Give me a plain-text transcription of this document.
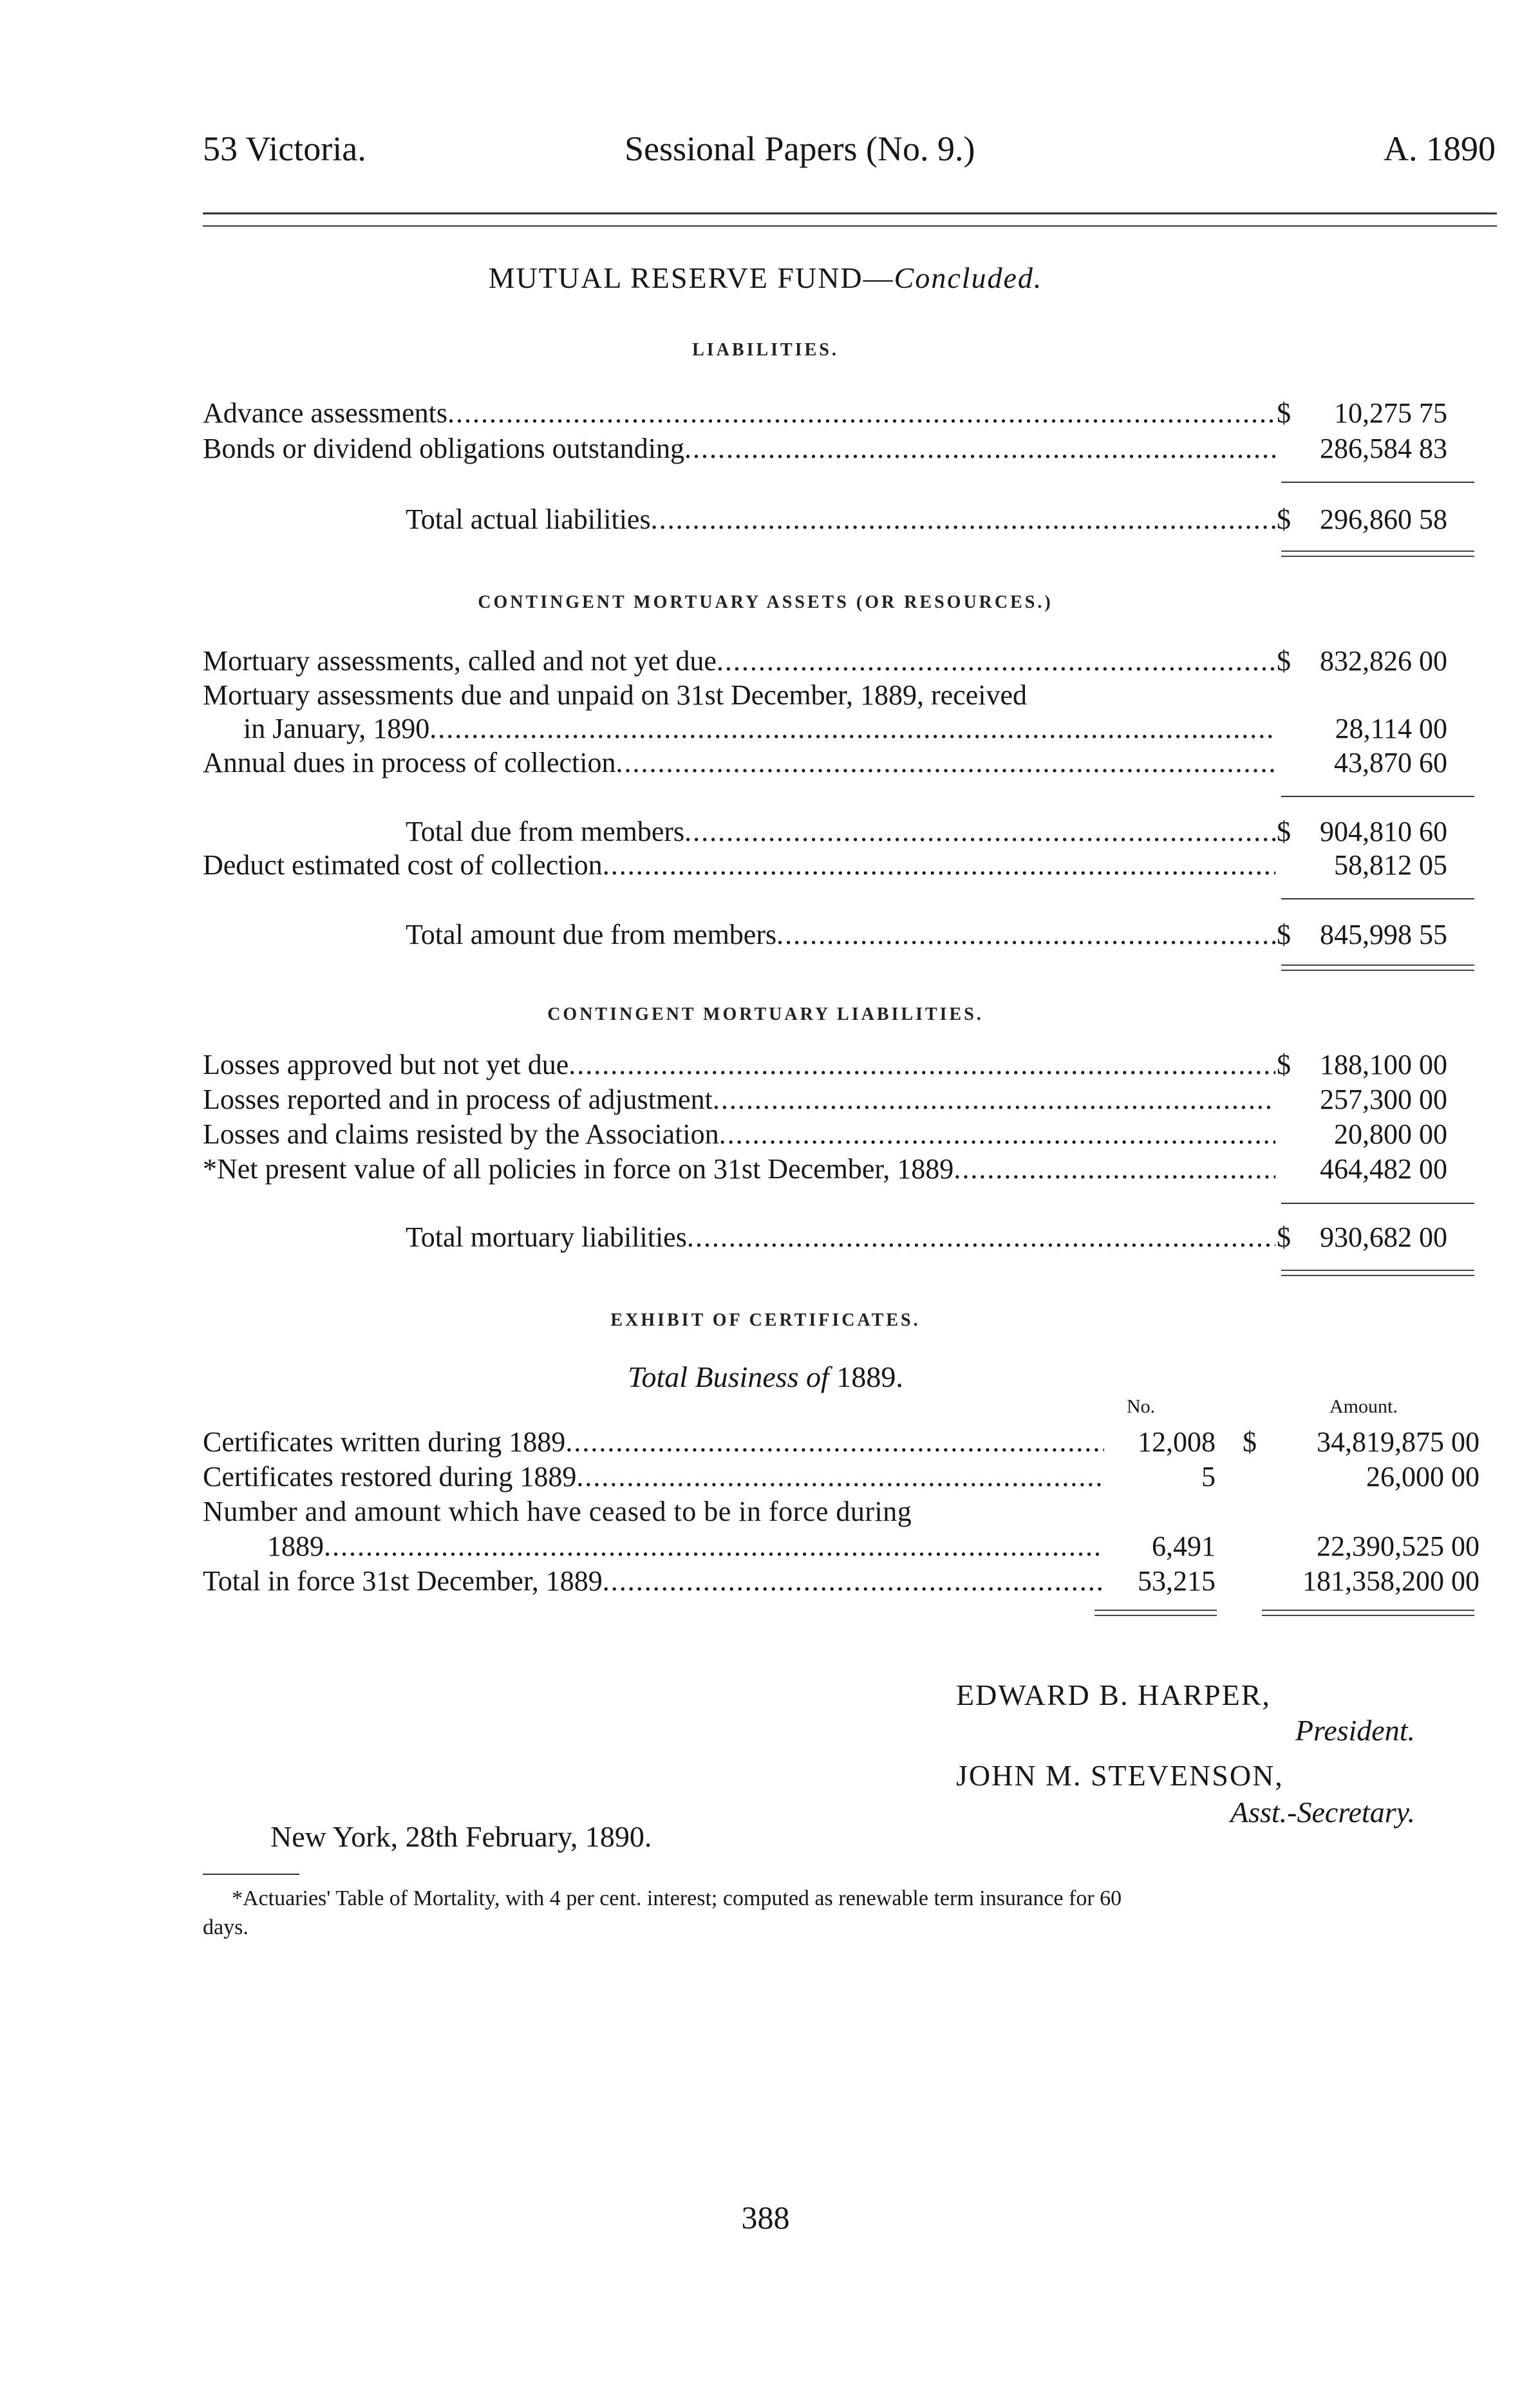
53 Victoria.	Sessional Papers (No. 9.)	A. 1890
MUTUAL RESERVE FUND—Concluded.
LIABILITIES.
Advance assessments .....	$	10,275 75
Bonds or dividend obligations outstanding .....	286,584 83
Total actual liabilities .....	$	296,860 58
CONTINGENT MORTUARY ASSETS (OR RESOURCES.)
Mortuary assessments, called and not yet due .....	$	832,826 00
Mortuary assessments due and unpaid on 31st December, 1889, received
in January, 1890 .....	28,114 00
Annual dues in process of collection .....	43,870 60
Total due from members .....	$	904,810 60
Deduct estimated cost of collection .....	58,812 05
Total amount due from members .....	$	845,998 55
CONTINGENT MORTUARY LIABILITIES.
Losses approved but not yet due .....	$	188,100 00
Losses reported and in process of adjustment .....	257,300 00
Losses and claims resisted by the Association .....	20,800 00
*Net present value of all policies in force on 31st December, 1889 .....	464,482 00
Total mortuary liabilities .....	$	930,682 00
EXHIBIT OF CERTIFICATES.
Total Business of 1889.
No.	Amount.
Certificates written during 1889 .....	12,008 $ 34,819,875 00
Certificates restored during 1889 .....	5	26,000 00
Number and amount which have ceased to be in force during
1889 .....	6,491	22,390,525 00
Total in force 31st December, 1889 .....	53,215	181,358,200 00
EDWARD B. HARPER,
President.
JOHN M. STEVENSON,
Asst.-Secretary.
New York, 28th February, 1890.
*Actuaries' Table of Mortality, with 4 per cent. interest; computed as renewable term insurance for 60
days.
388
